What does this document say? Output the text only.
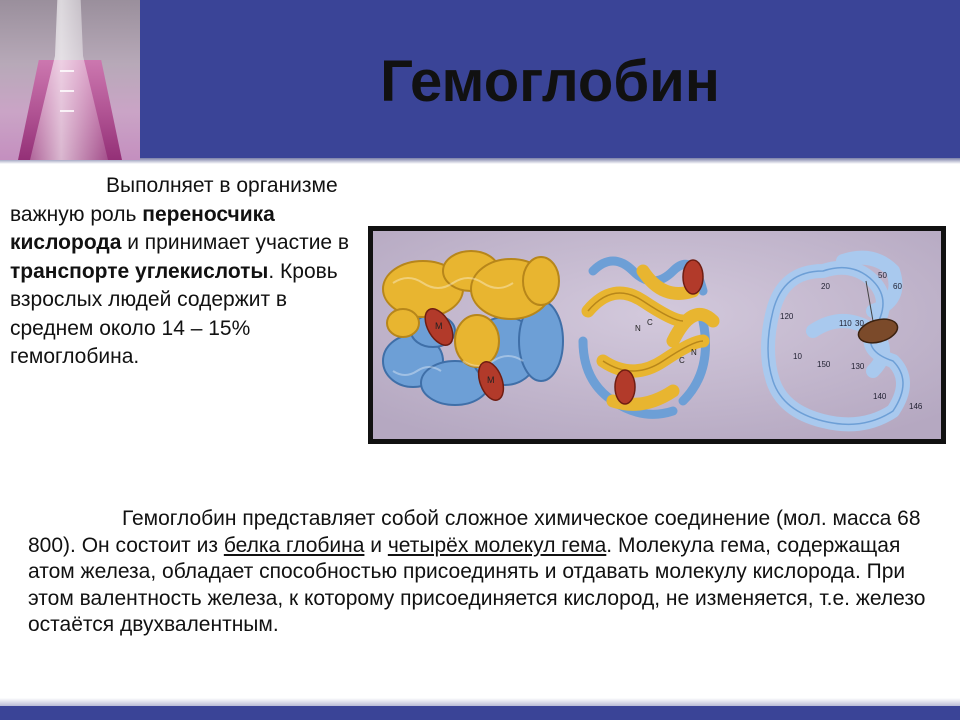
Гемоглобин
Выполняет в организме важную роль переносчика кислорода и принимает участие в транспорте углекислоты. Кровь взрослых людей содержит в среднем около 14 – 15% гемоглобина.
M
M
N
C
N
C
20
50
60
120
110 30
10
150	130
140
146
Гемоглобин представляет собой сложное химическое соединение (мол. масса 68 800). Он состоит из белка глобина и четырёх молекул гема. Молекула гема, содержащая атом железа, обладает способностью присоединять и отдавать молекулу кислорода. При этом валентность железа, к которому присоединяется кислород, не изменяется, т.е. железо остаётся двухвалентным.
